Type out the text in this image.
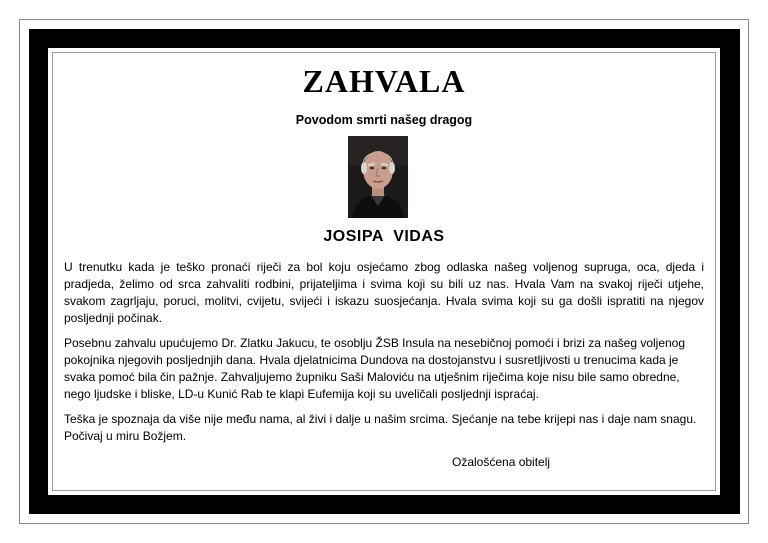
ZAHVALA
Povodom smrti našeg dragog
JOSIPA  VIDAS

U trenutku kada je teško pronaći riječi za bol koju osjećamo zbog odlaska našeg voljenog supruga, oca, djeda i pradjeda, želimo od srca zahvaliti rodbini, prijateljima i svima koji su bili uz nas. Hvala Vam na svakoj riječi utjehe, svakom zagrljaju, poruci, molitvi, cvijetu, svijeći i iskazu suosjećanja. Hvala svima koji su ga došli ispratiti na njegov posljednji počinak.

Posebnu zahvalu upućujemo Dr. Zlatku Jakucu, te osoblju ŽSB Insula na nesebičnoj pomoći i brizi za našeg voljenog pokojnika njegovih posljednjih dana. Hvala djelatnicima Dundova na dostojanstvu i susretljivosti u trenucima kada je svaka pomoć bila čin pažnje. Zahvaljujemo župniku Saši Maloviću na utješnim riječima koje nisu bile samo obredne, nego ljudske i bliske, LD-u Kunić Rab te klapi Eufemija koji su uveličali posljednji ispraćaj.

Teška je spoznaja da više nije među nama, al živi i dalje u našim srcima. Sjećanje na tebe krijepi nas i daje nam snagu. Počivaj u miru Božjem.

Ožalošćena obitelj
